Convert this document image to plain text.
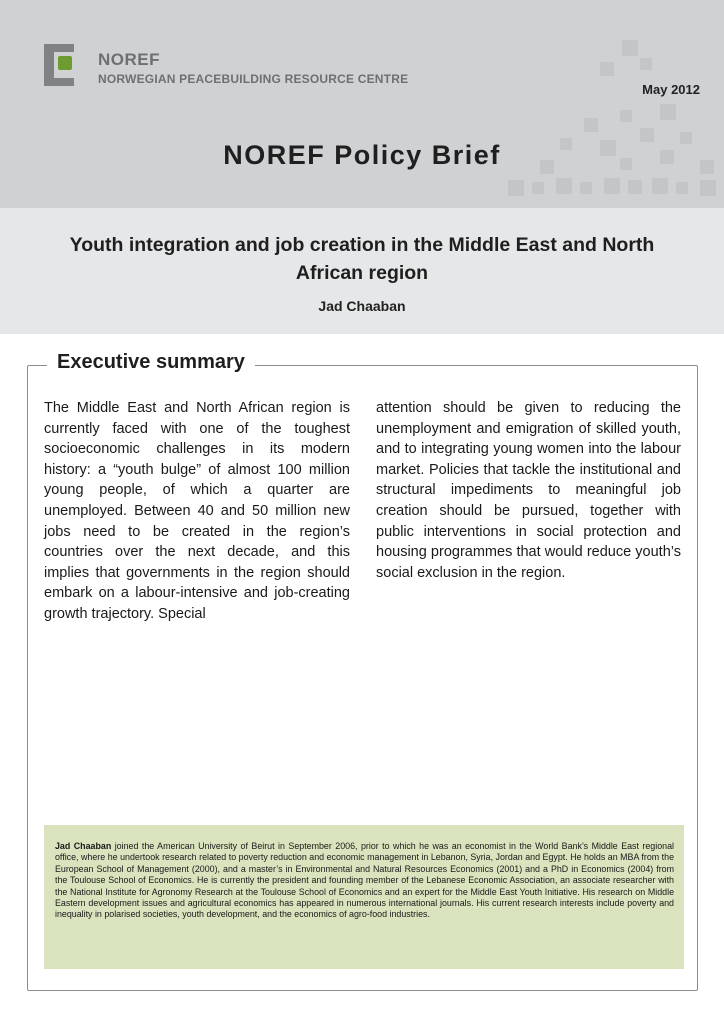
NOREF
NORWEGIAN PEACEBUILDING RESOURCE CENTRE
May 2012
NOREF Policy Brief
Youth integration and job creation in the Middle East and North African region
Jad Chaaban
Executive summary
The Middle East and North African region is currently faced with one of the toughest socioeconomic challenges in its modern history: a “youth bulge” of almost 100 million young people, of which a quarter are unemployed. Between 40 and 50 million new jobs need to be created in the region’s countries over the next decade, and this implies that governments in the region should embark on a labour-intensive and job-creating growth trajectory. Special
attention should be given to reducing the unemployment and emigration of skilled youth, and to integrating young women into the labour market. Policies that tackle the institutional and structural impediments to meaningful job creation should be pursued, together with public interventions in social protection and housing programmes that would reduce youth’s social exclusion in the region.
Jad Chaaban joined the American University of Beirut in September 2006, prior to which he was an economist in the World Bank’s Middle East regional office, where he undertook research related to poverty reduction and economic management in Lebanon, Syria, Jordan and Egypt. He holds an MBA from the European School of Management (2000), and a master’s in Environmental and Natural Resources Economics (2001) and a PhD in Economics (2004) from the Toulouse School of Economics. He is currently the president and founding member of the Lebanese Economic Association, an associate researcher with the National Institute for Agronomy Research at the Toulouse School of Economics and an expert for the Middle East Youth Initiative. His research on Middle Eastern development issues and agricultural economics has appeared in numerous international journals. His current research interests include poverty and inequality in polarised societies, youth development, and the economics of agro-food industries.
